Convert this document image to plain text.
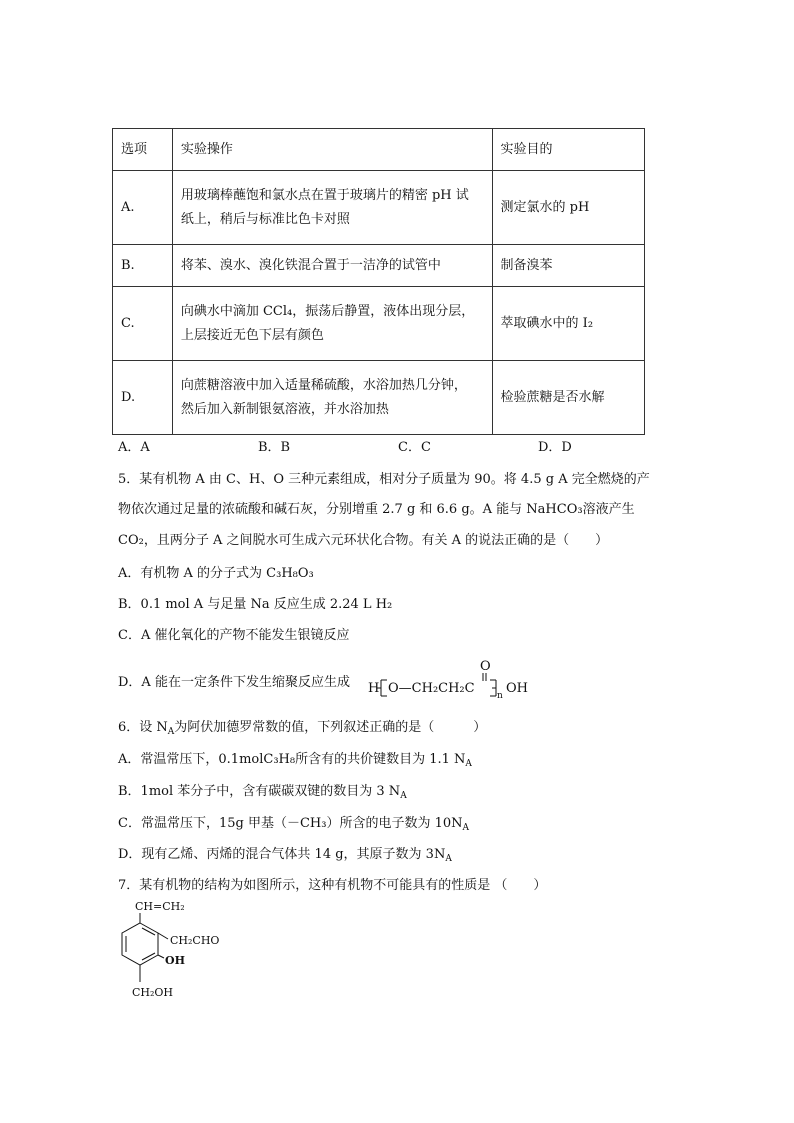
选项	实验操作	实验目的
A.	用玻璃棒蘸饱和氯水点在置于玻璃片的精密 pH 试
纸上，稍后与标准比色卡对照	测定氯水的 pH
B.	将苯、溴水、溴化铁混合置于一洁净的试管中	制备溴苯
C.	向碘水中滴加 CCl₄，振荡后静置，液体出现分层，
上层接近无色下层有颜色	萃取碘水中的 I₂
D.	向蔗糖溶液中加入适量稀硫酸，水浴加热几分钟，
然后加入新制银氨溶液，并水浴加热	检验蔗糖是否水解
A．A	B．B	C．C	D．D
5．某有机物 A 由 C、H、O 三种元素组成，相对分子质量为 90。将 4.5 g A 完全燃烧的产
物依次通过足量的浓硫酸和碱石灰，分别增重 2.7 g 和 6.6 g。A 能与 NaHCO₃溶液产生
CO₂，且两分子 A 之间脱水可生成六元环状化合物。有关 A 的说法正确的是（　　）
A．有机物 A 的分子式为 C₃H₈O₃
B．0.1 mol A 与足量 Na 反应生成 2.24 L H₂
C．A 催化氧化的产物不能发生银镜反应
D．A 能在一定条件下发生缩聚反应生成 H O—CH₂CH₂C
O
n OH
6．设 $N_A$为阿伏加德罗常数的值，下列叙述正确的是（　　　）
A．常温常压下，0.1molC₃H₈所含有的共价键数目为 1.1 $N_A$
B．1mol 苯分子中，含有碳碳双键的数目为 3 $N_A$
C．常温常压下，15g 甲基（－CH₃）所含的电子数为 $10N_A$
D．现有乙烯、丙烯的混合气体共 14 g，其原子数为 $3N_A$
7．某有机物的结构为如图所示，这种有机物不可能具有的性质是 （　　）
CH=CH₂
CH₂CHO
OH
CH₂OH
